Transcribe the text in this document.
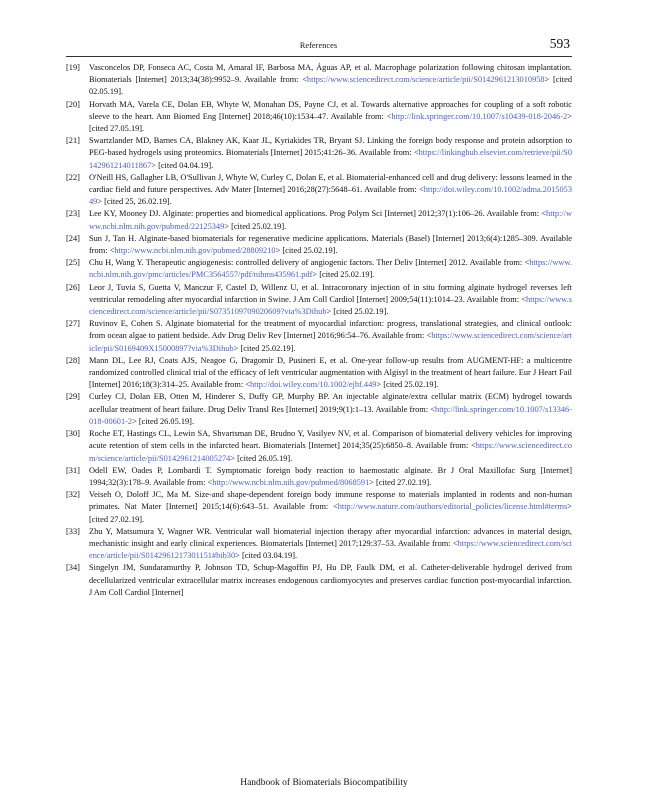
References	593

[19] Vasconcelos DP, Fonseca AC, Costa M, Amaral IF, Barbosa MA, Águas AP, et al. Macrophage polarization following chitosan implantation. Biomaterials [Internet] 2013;34(38):9952–9. Available from: <https://www.sciencedirect.com/science/article/pii/S0142961213010958> [cited 02.05.19].

[20] Horvath MA, Varela CE, Dolan EB, Whyte W, Monahan DS, Payne CJ, et al. Towards alternative approaches for coupling of a soft robotic sleeve to the heart. Ann Biomed Eng [Internet] 2018;46(10):1534–47. Available from: <http://link.springer.com/10.1007/s10439-018-2046-2> [cited 27.05.19].

[21] Swartzlander MD, Barnes CA, Blakney AK, Kaar JL, Kyriakides TR, Bryant SJ. Linking the foreign body response and protein adsorption to PEG-based hydrogels using proteomics. Biomaterials [Internet] 2015;41:26–36. Available from: <https://linkinghub.elsevier.com/retrieve/pii/S0142961214011867> [cited 04.04.19].

[22] O'Neill HS, Gallagher LB, O'Sullivan J, Whyte W, Curley C, Dolan E, et al. Biomaterial-enhanced cell and drug delivery: lessons learned in the cardiac field and future perspectives. Adv Mater [Internet] 2016;28(27):5648–61. Available from: <http://doi.wiley.com/10.1002/adma.201505349> [cited 25, 26.02.19].

[23] Lee KY, Mooney DJ. Alginate: properties and biomedical applications. Prog Polym Sci [Internet] 2012;37(1):106–26. Available from: <http://www.ncbi.nlm.nih.gov/pubmed/22125349> [cited 25.02.19].

[24] Sun J, Tan H. Alginate-based biomaterials for regenerative medicine applications. Materials (Basel) [Internet] 2013;6(4):1285–309. Available from: <http://www.ncbi.nlm.nih.gov/pubmed/28809210> [cited 25.02.19].

[25] Chu H, Wang Y. Therapeutic angiogenesis: controlled delivery of angiogenic factors. Ther Deliv [Internet] 2012. Available from: <https://www.ncbi.nlm.nih.gov/pmc/articles/PMC3564557/pdf/nihms435961.pdf> [cited 25.02.19].

[26] Leor J, Tuvia S, Guetta V, Manczur F, Castel D, Willenz U, et al. Intracoronary injection of in situ forming alginate hydrogel reverses left ventricular remodeling after myocardial infarction in Swine. J Am Coll Cardiol [Internet] 2009;54(11):1014–23. Available from: <https://www.sciencedirect.com/science/article/pii/S0735109709020609?via%3Dihub> [cited 25.02.19].

[27] Ruvinov E, Cohen S. Alginate biomaterial for the treatment of myocardial infarction: progress, translational strategies, and clinical outlook: from ocean algae to patient bedside. Adv Drug Deliv Rev [Internet] 2016;96:54–76. Available from: <https://www.sciencedirect.com/science/article/pii/S0169409X15000897?via%3Dihub> [cited 25.02.19].

[28] Mann DL, Lee RJ, Coats AJS, Neagoe G, Dragomir D, Pusineri E, et al. One-year follow-up results from AUGMENT-HF: a multicentre randomized controlled clinical trial of the efficacy of left ventricular augmentation with Algisyl in the treatment of heart failure. Eur J Heart Fail [Internet] 2016;18(3):314–25. Available from: <http://doi.wiley.com/10.1002/ejhf.449> [cited 25.02.19].

[29] Curley CJ, Dolan EB, Otten M, Hinderer S, Duffy GP, Murphy BP. An injectable alginate/extra cellular matrix (ECM) hydrogel towards acellular treatment of heart failure. Drug Deliv Transl Res [Internet] 2019;9(1):1–13. Available from: <http://link.springer.com/10.1007/s13346-018-00601-2> [cited 26.05.19].

[30] Roche ET, Hastings CL, Lewin SA, Shvartsman DE, Brudno Y, Vasilyev NV, et al. Comparison of biomaterial delivery vehicles for improving acute retention of stem cells in the infarcted heart. Biomaterials [Internet] 2014;35(25):6850–8. Available from: <https://www.sciencedirect.com/science/article/pii/S0142961214005274> [cited 26.05.19].

[31] Odell EW, Oades P, Lombardi T. Symptomatic foreign body reaction to haemostatic alginate. Br J Oral Maxillofac Surg [Internet] 1994;32(3):178–9. Available from: <http://www.ncbi.nlm.nih.gov/pubmed/8068591> [cited 27.02.19].

[32] Veiseh O, Doloff JC, Ma M. Size-and shape-dependent foreign body immune response to materials implanted in rodents and non-human primates. Nat Mater [Internet] 2015;14(6):643–51. Available from: <http://www.nature.com/authors/editorial_policies/license.html#terms> [cited 27.02.19].

[33] Zhu Y, Matsumura Y, Wagner WR. Ventricular wall biomaterial injection therapy after myocardial infarction: advances in material design, mechanistic insight and early clinical experiences. Biomaterials [Internet] 2017;129:37–53. Available from: <https://www.sciencedirect.com/science/article/pii/S0142961217301151#bib30> [cited 03.04.19].

[34] Singelyn JM, Sundaramurthy P, Johnson TD, Schup-Magoffin PJ, Hu DP, Faulk DM, et al. Catheter-deliverable hydrogel derived from decellularized ventricular extracellular matrix increases endogenous cardiomyocytes and preserves cardiac function post-myocardial infarction. J Am Coll Cardiol [Internet]

Handbook of Biomaterials Biocompatibility
